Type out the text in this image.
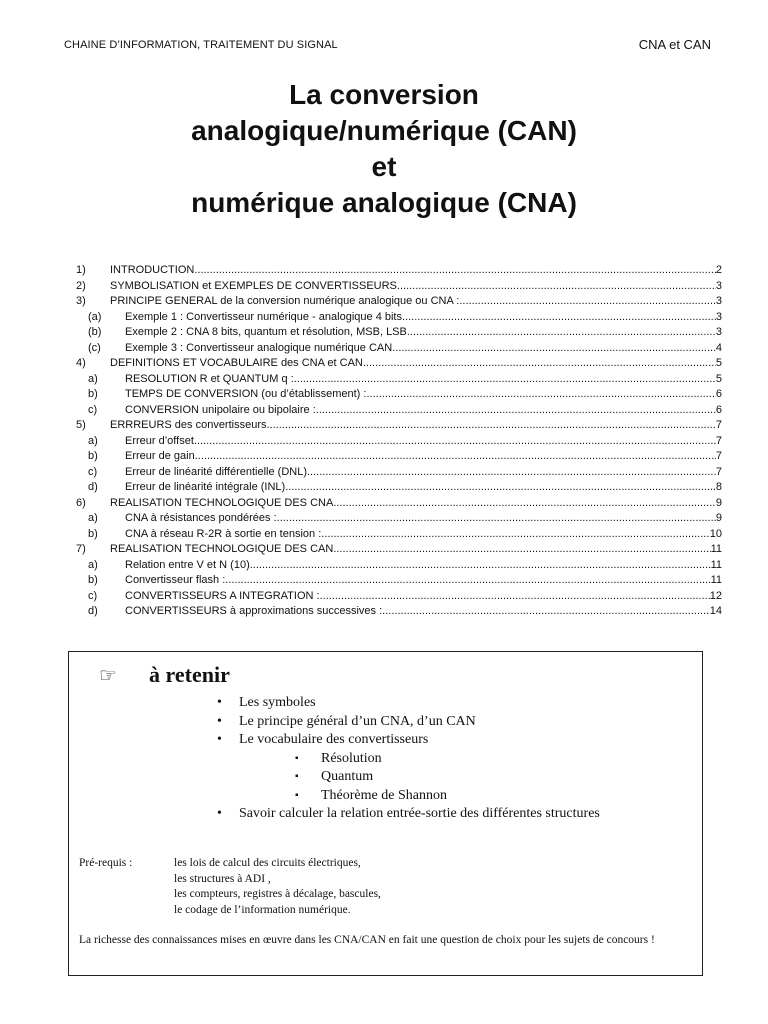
CHAINE D’INFORMATION, TRAITEMENT DU SIGNAL	CNA et CAN
La conversion
analogique/numérique (CAN)
et
numérique analogique (CNA)
1)	INTRODUCTION .....	2
2)	SYMBOLISATION et EXEMPLES DE CONVERTISSEURS .....	3
3)	PRINCIPE GENERAL de la conversion numérique analogique ou CNA : .....	3
(a)	Exemple 1 : Convertisseur numérique - analogique 4 bits. .....	3
(b)	Exemple 2 : CNA 8 bits, quantum et résolution, MSB, LSB. .....	3
(c)	Exemple 3 : Convertisseur analogique numérique CAN .....	4
4)	DEFINITIONS ET VOCABULAIRE des CNA et CAN .....	5
a)	RESOLUTION R et QUANTUM q : .....	5
b)	TEMPS DE CONVERSION (ou d’établissement) : .....	6
c)	CONVERSION unipolaire ou bipolaire : .....	6
5)	ERRREURS des convertisseurs .....	7
a)	Erreur d’offset .....	7
b)	Erreur de gain .....	7
c)	Erreur de linéarité différentielle (DNL) .....	7
d)	Erreur de linéarité intégrale (INL) .....	8
6)	REALISATION TECHNOLOGIQUE DES CNA .....	9
a)	CNA à résistances pondérées : .....	9
b)	CNA à réseau R-2R à sortie en tension : .....	10
7)	REALISATION TECHNOLOGIQUE DES CAN .....	11
a)	Relation entre V et N (10) .....	11
b)	Convertisseur flash : .....	11
c)	CONVERTISSEURS A INTEGRATION : .....	12
d)	CONVERTISSEURS à approximations successives : .....	14
☞	à retenir
• Les symboles
• Le principe général d’un CNA, d’un CAN
• Le vocabulaire des convertisseurs
▪ Résolution
▪ Quantum
▪ Théorème de Shannon
• Savoir calculer la relation entrée-sortie des différentes structures
Pré-requis :	les lois de calcul des circuits électriques,
les structures à ADI ,
les compteurs, registres à décalage, bascules,
le codage de l’information numérique.
La richesse des connaissances mises en œuvre dans les CNA/CAN en fait une question de choix pour les sujets de concours !
